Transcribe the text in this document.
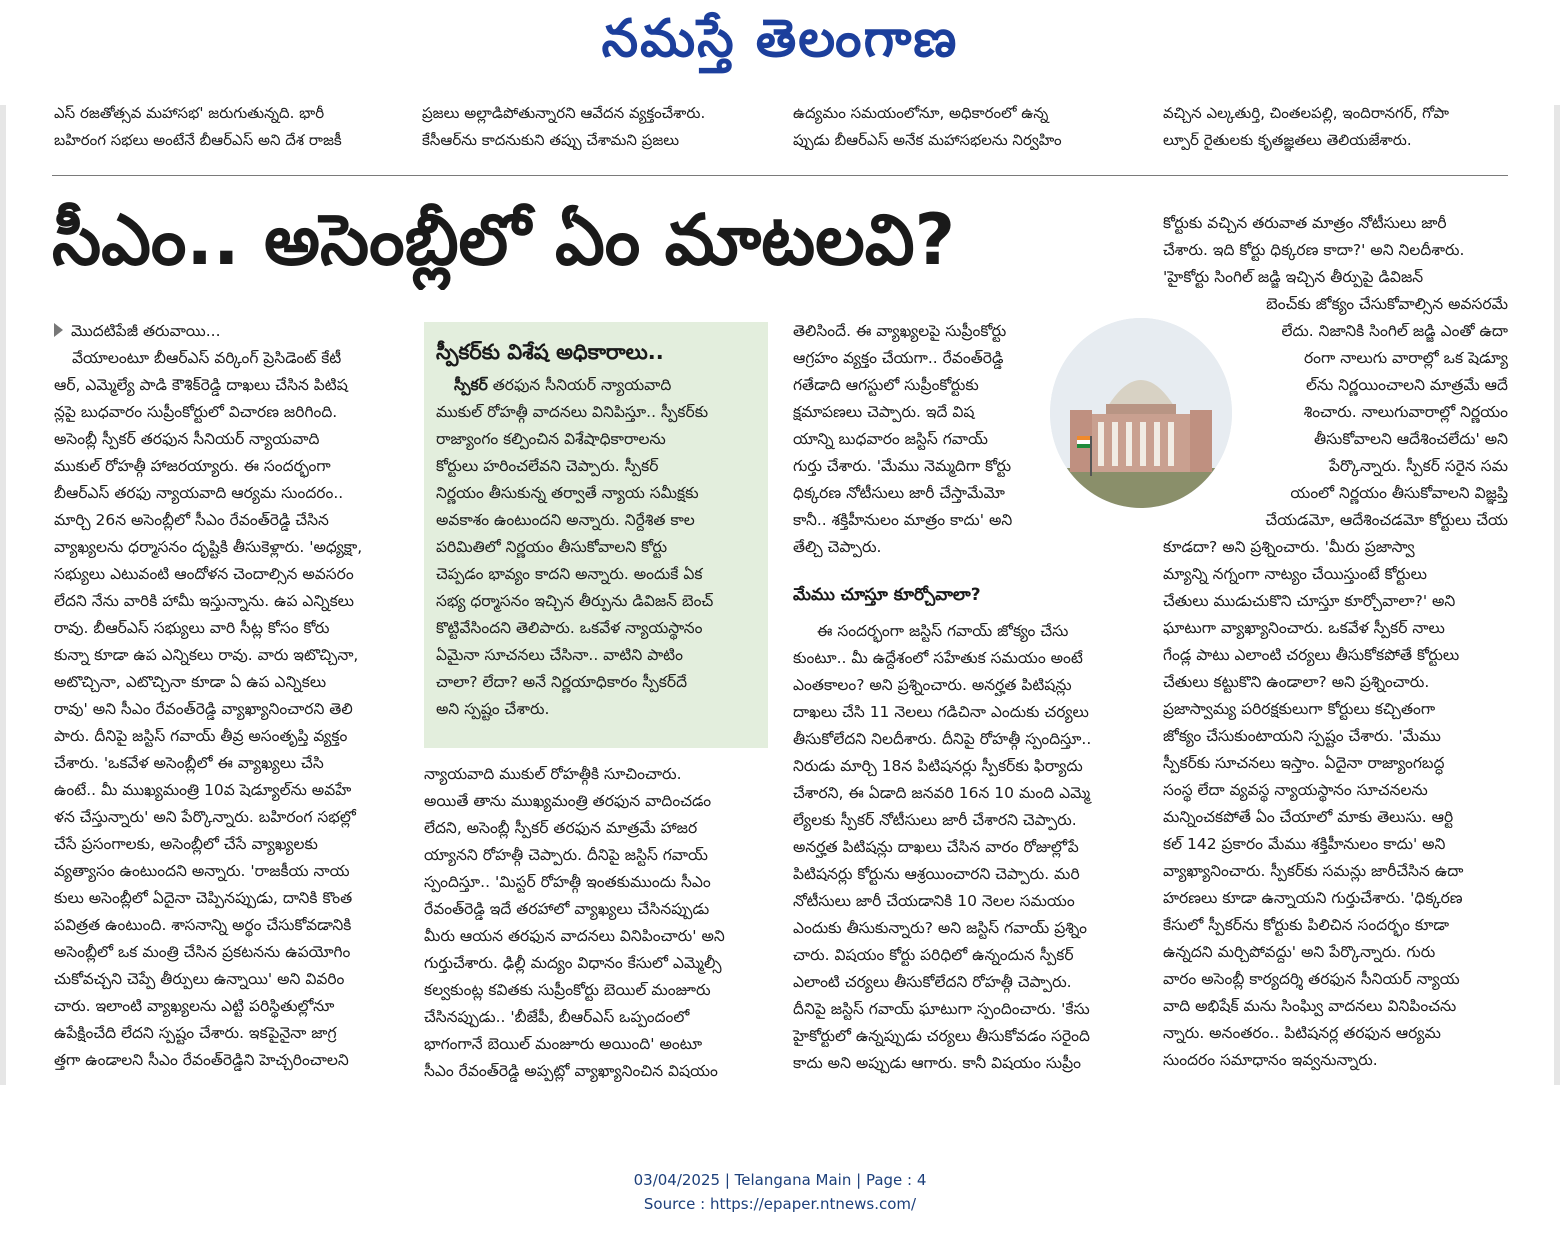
నమస్తే తెలంగాణ

ఎస్ రజతోత్సవ మహాసభ' జరుగుతున్నది. భారీ

బహిరంగ సభలు అంటేనే బీఆర్ఎస్ అని దేశ రాజకీ

ప్రజలు అల్లాడిపోతున్నారని ఆవేదన వ్యక్తంచేశారు.

కేసీఆర్‌ను కాదనుకుని తప్పు చేశామని ప్రజలు

ఉద్యమం సమయంలోనూ, అధికారంలో ఉన్న

ప్పుడు బీఆర్ఎస్ అనేక మహాసభలను నిర్వహిం

వచ్చిన ఎల్కతుర్తి, చింతలపల్లి, ఇందిరానగర్, గోపా

ల్పూర్ రైతులకు కృతజ్ఞతలు తెలియజేశారు.

సీఎం.. అసెంబ్లీలో ఏం మాటలవి?

మొదటిపేజీ తరువాయి...

వేయాలంటూ బీఆర్ఎస్ వర్కింగ్ ప్రెసిడెంట్ కేటీ

ఆర్, ఎమ్మెల్యే పాడి కౌశిక్‌రెడ్డి దాఖలు చేసిన పిటిష

న్లపై బుధవారం సుప్రీంకోర్టులో విచారణ జరిగింది.

అసెంబ్లీ స్పీకర్ తరఫున సీనియర్ న్యాయవాది

ముకుల్ రోహత్గీ హాజరయ్యారు. ఈ సందర్భంగా

బీఆర్ఎస్ తరఫు న్యాయవాది ఆర్యమ సుందరం..

మార్చి 26న అసెంబ్లీలో సీఎం రేవంత్‌రెడ్డి చేసిన

వ్యాఖ్యలను ధర్మాసనం దృష్టికి తీసుకెళ్లారు. 'అధ్యక్షా,

సభ్యులు ఎటువంటి ఆందోళన చెందాల్సిన అవసరం

లేదని నేను వారికి హామీ ఇస్తున్నాను. ఉప ఎన్నికలు

రావు. బీఆర్ఎస్ సభ్యులు వారి సీట్ల కోసం కోరు

కున్నా కూడా ఉప ఎన్నికలు రావు. వారు ఇటొచ్చినా,

అటొచ్చినా, ఎటొచ్చినా కూడా ఏ ఉప ఎన్నికలు

రావు' అని సీఎం రేవంత్‌రెడ్డి వ్యాఖ్యానించారని తెలి

పారు. దీనిపై జస్టిస్ గవాయ్ తీవ్ర అసంతృప్తి వ్యక్తం

చేశారు. 'ఒకవేళ అసెంబ్లీలో ఈ వ్యాఖ్యలు చేసి

ఉంటే.. మీ ముఖ్యమంత్రి 10వ షెడ్యూల్‌ను అవహే

ళన చేస్తున్నారు' అని పేర్కొన్నారు. బహిరంగ సభల్లో

చేసే ప్రసంగాలకు, అసెంబ్లీలో చేసే వ్యాఖ్యలకు

వ్యత్యాసం ఉంటుందని అన్నారు. 'రాజకీయ నాయ

కులు అసెంబ్లీలో ఏదైనా చెప్పినప్పుడు, దానికి కొంత

పవిత్రత ఉంటుంది. శాసనాన్ని అర్థం చేసుకోవడానికి

అసెంబ్లీలో ఒక మంత్రి చేసిన ప్రకటనను ఉపయోగిం

చుకోవచ్చని చెప్పే తీర్పులు ఉన్నాయి' అని వివరిం

చారు. ఇలాంటి వ్యాఖ్యలను ఎట్టి పరిస్థితుల్లోనూ

ఉపేక్షించేది లేదని స్పష్టం చేశారు. ఇకపైనైనా జాగ్ర

త్తగా ఉండాలని సీఎం రేవంత్‌రెడ్డిని హెచ్చరించాలని

స్పీకర్‌కు విశేష అధికారాలు..

స్పీకర్ తరఫున సీనియర్ న్యాయవాది

ముకుల్ రోహత్గీ వాదనలు వినిపిస్తూ.. స్పీకర్‌కు

రాజ్యాంగం కల్పించిన విశేషాధికారాలను

కోర్టులు హరించలేవని చెప్పారు. స్పీకర్

నిర్ణయం తీసుకున్న తర్వాతే న్యాయ సమీక్షకు

అవకాశం ఉంటుందని అన్నారు. నిర్దేశిత కాల

పరిమితిలో నిర్ణయం తీసుకోవాలని కోర్టు

చెప్పడం భావ్యం కాదని అన్నారు. అందుకే ఏక

సభ్య ధర్మాసనం ఇచ్చిన తీర్పును డివిజన్ బెంచ్

కొట్టివేసిందని తెలిపారు. ఒకవేళ న్యాయస్థానం

ఏమైనా సూచనలు చేసినా.. వాటిని పాటిం

చాలా? లేదా? అనే నిర్ణయాధికారం స్పీకర్‌దే

అని స్పష్టం చేశారు.

న్యాయవాది ముకుల్ రోహత్గీకి సూచించారు.

అయితే తాను ముఖ్యమంత్రి తరఫున వాదించడం

లేదని, అసెంబ్లీ స్పీకర్ తరఫున మాత్రమే హాజర

య్యానని రోహత్గీ చెప్పారు. దీనిపై జస్టిస్ గవాయ్

స్పందిస్తూ.. 'మిస్టర్ రోహత్గీ ఇంతకుముందు సీఎం

రేవంత్‌రెడ్డి ఇదే తరహాలో వ్యాఖ్యలు చేసినప్పుడు

మీరు ఆయన తరఫున వాదనలు వినిపించారు' అని

గుర్తుచేశారు. ఢిల్లీ మద్యం విధానం కేసులో ఎమ్మెల్సీ

కల్వకుంట్ల కవితకు సుప్రీంకోర్టు బెయిల్ మంజూరు

చేసినప్పుడు.. 'బీజేపీ, బీఆర్ఎస్ ఒప్పందంలో

భాగంగానే బెయిల్ మంజూరు అయింది' అంటూ

సీఎం రేవంత్‌రెడ్డి అప్పట్లో వ్యాఖ్యానించిన విషయం

తెలిసిందే. ఈ వ్యాఖ్యలపై సుప్రీంకోర్టు

ఆగ్రహం వ్యక్తం చేయగా.. రేవంత్‌రెడ్డి

గతేడాది ఆగస్టులో సుప్రీంకోర్టుకు

క్షమాపణలు చెప్పారు. ఇదే విష

యాన్ని బుధవారం జస్టిస్ గవాయ్

గుర్తు చేశారు. 'మేము నెమ్మదిగా కోర్టు

ధిక్కరణ నోటీసులు జారీ చేస్తామేమో

కానీ.. శక్తిహీనులం మాత్రం కాదు' అని

తేల్చి చెప్పారు.

మేము చూస్తూ కూర్చోవాలా?

ఈ సందర్భంగా జస్టిస్ గవాయ్ జోక్యం చేసు

కుంటూ.. మీ ఉద్దేశంలో సహేతుక సమయం అంటే

ఎంతకాలం? అని ప్రశ్నించారు. అనర్హత పిటిషన్లు

దాఖలు చేసి 11 నెలలు గడిచినా ఎందుకు చర్యలు

తీసుకోలేదని నిలదీశారు. దీనిపై రోహత్గీ స్పందిస్తూ..

నిరుడు మార్చి 18న పిటిషనర్లు స్పీకర్‌కు ఫిర్యాదు

చేశారని, ఈ ఏడాది జనవరి 16న 10 మంది ఎమ్మె

ల్యేలకు స్పీకర్ నోటీసులు జారీ చేశారని చెప్పారు.

అనర్హత పిటిషన్లు దాఖలు చేసిన వారం రోజుల్లోపే

పిటిషనర్లు కోర్టును ఆశ్రయించారని చెప్పారు. మరి

నోటీసులు జారీ చేయడానికి 10 నెలల సమయం

ఎందుకు తీసుకున్నారు? అని జస్టిస్ గవాయ్ ప్రశ్నిం

చారు. విషయం కోర్టు పరిధిలో ఉన్నందున స్పీకర్

ఎలాంటి చర్యలు తీసుకోలేదని రోహత్గీ చెప్పారు.

దీనిపై జస్టిస్ గవాయ్ ఘాటుగా స్పందించారు. 'కేసు

హైకోర్టులో ఉన్నప్పుడు చర్యలు తీసుకోవడం సరైంది

కాదు అని అప్పుడు ఆగారు. కానీ విషయం సుప్రీం

కోర్టుకు వచ్చిన తరువాత మాత్రం నోటీసులు జారీ

చేశారు. ఇది కోర్టు ధిక్కరణ కాదా?' అని నిలదీశారు.

'హైకోర్టు సింగిల్ జడ్జి ఇచ్చిన తీర్పుపై డివిజన్

బెంచ్‌కు జోక్యం చేసుకోవాల్సిన అవసరమే

లేదు. నిజానికి సింగిల్ జడ్జి ఎంతో ఉదా

రంగా నాలుగు వారాల్లో ఒక షెడ్యూ

ల్‌ను నిర్ణయించాలని మాత్రమే ఆదే

శించారు. నాలుగువారాల్లో నిర్ణయం

తీసుకోవాలని ఆదేశించలేదు' అని

పేర్కొన్నారు. స్పీకర్ సరైన సమ

యంలో నిర్ణయం తీసుకోవాలని విజ్ఞప్తి

చేయడమో, ఆదేశించడమో కోర్టులు చేయ

కూడదా? అని ప్రశ్నించారు. 'మీరు ప్రజాస్వా

మ్యాన్ని నగ్నంగా నాట్యం చేయిస్తుంటే కోర్టులు

చేతులు ముడుచుకొని చూస్తూ కూర్చోవాలా?' అని

ఘాటుగా వ్యాఖ్యానించారు. ఒకవేళ స్పీకర్ నాలు

గేండ్ల పాటు ఎలాంటి చర్యలు తీసుకోకపోతే కోర్టులు

చేతులు కట్టుకొని ఉండాలా? అని ప్రశ్నించారు.

ప్రజాస్వామ్య పరిరక్షకులుగా కోర్టులు కచ్చితంగా

జోక్యం చేసుకుంటాయని స్పష్టం చేశారు. 'మేము

స్పీకర్‌కు సూచనలు ఇస్తాం. ఏదైనా రాజ్యాంగబద్ధ

సంస్థ లేదా వ్యవస్థ న్యాయస్థానం సూచనలను

మన్నించకపోతే ఏం చేయాలో మాకు తెలుసు. ఆర్టి

కల్ 142 ప్రకారం మేము శక్తిహీనులం కాదు' అని

వ్యాఖ్యానించారు. స్పీకర్‌కు సమన్లు జారీచేసిన ఉదా

హరణలు కూడా ఉన్నాయని గుర్తుచేశారు. 'ధిక్కరణ

కేసులో స్పీకర్‌ను కోర్టుకు పిలిచిన సందర్భం కూడా

ఉన్నదని మర్చిపోవద్దు' అని పేర్కొన్నారు. గురు

వారం అసెంబ్లీ కార్యదర్శి తరఫున సీనియర్ న్యాయ

వాది అభిషేక్ మను సింఘ్వి వాదనలు వినిపించను

న్నారు. అనంతరం.. పిటిషనర్ల తరఫున ఆర్యమ

సుందరం సమాధానం ఇవ్వనున్నారు.

03/04/2025 | Telangana Main | Page : 4
Source : https://epaper.ntnews.com/
